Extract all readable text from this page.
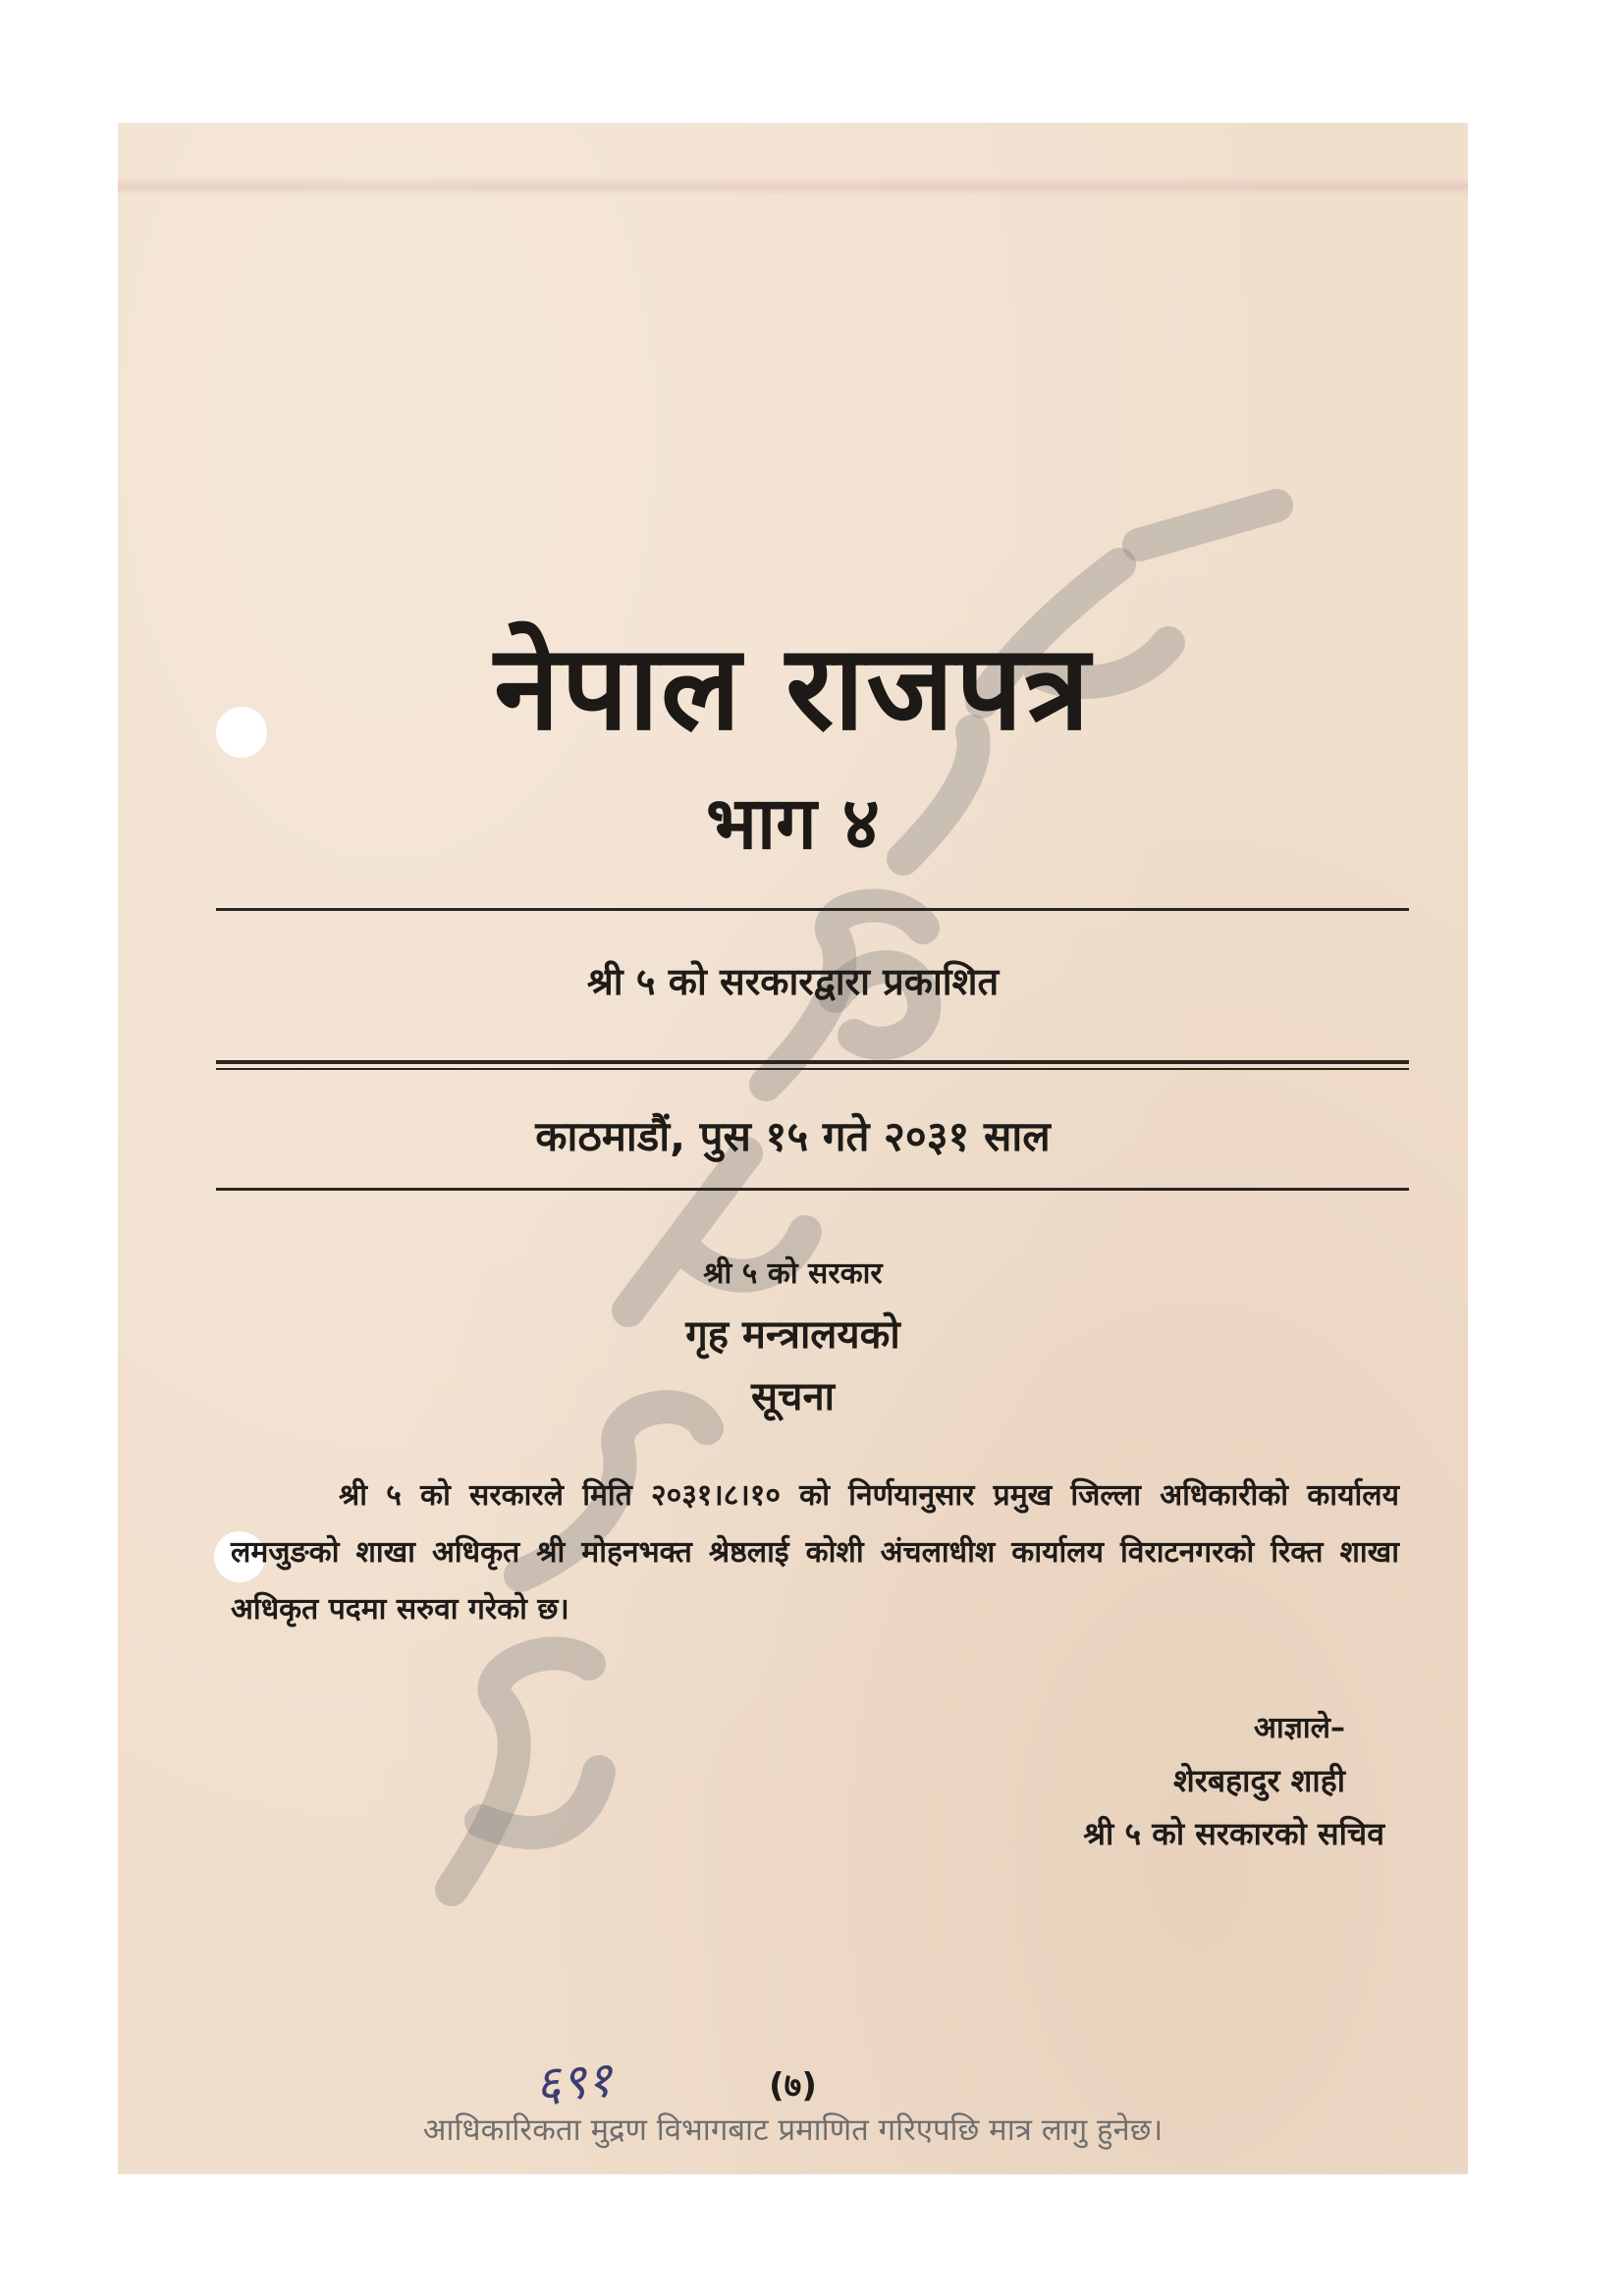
नेपाल राजपत्र
भाग ४
श्री ५ को सरकारद्वारा प्रकाशित
काठमाडौं, पुस १५ गते २०३१ साल
श्री ५ को सरकार
गृह मन्त्रालयको
सूचना
श्री ५ को सरकारले मिति २०३१।८।१० को निर्णयानुसार प्रमुख जिल्ला अधिकारीको कार्यालय लमजुङको शाखा अधिकृत श्री मोहनभक्त श्रेष्ठलाई कोशी अंचलाधीश कार्यालय विराटनगरको रिक्त शाखा अधिकृत पदमा सरुवा गरेको छ।
आज्ञाले–
शेरबहादुर शाही
श्री ५ को सरकारको सचिव
६९१	(७)
आधिकारिकता मुद्रण विभागबाट प्रमाणित गरिएपछि मात्र लागु हुनेछ।
